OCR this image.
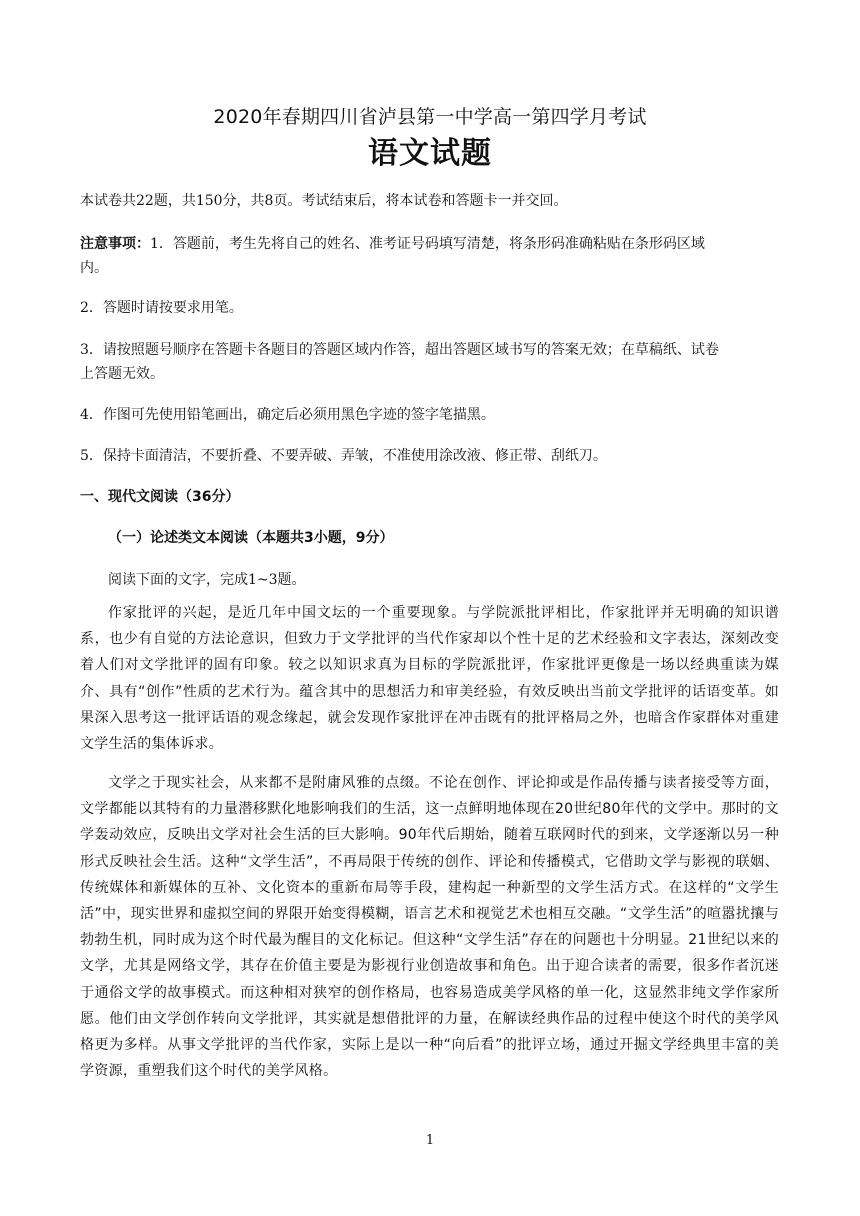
2020年春期四川省泸县第一中学高一第四学月考试
语文试题
本试卷共22题，共150分，共8页。考试结束后，将本试卷和答题卡一并交回。
注意事项：1．答题前，考生先将自己的姓名、准考证号码填写清楚，将条形码准确粘贴在条形码区域
内。
2．答题时请按要求用笔。
3．请按照题号顺序在答题卡各题目的答题区域内作答，超出答题区域书写的答案无效；在草稿纸、试卷
上答题无效。
4．作图可先使用铅笔画出，确定后必须用黑色字迹的签字笔描黑。
5．保持卡面清洁，不要折叠、不要弄破、弄皱，不准使用涂改液、修正带、刮纸刀。
一、现代文阅读（36分）
（一）论述类文本阅读（本题共3小题，9分）
阅读下面的文字，完成1~3题。
作家批评的兴起，是近几年中国文坛的一个重要现象。与学院派批评相比，作家批评并无明确的知识谱系，也少有自觉的方法论意识，但致力于文学批评的当代作家却以个性十足的艺术经验和文字表达，深刻改变着人们对文学批评的固有印象。较之以知识求真为目标的学院派批评，作家批评更像是一场以经典重读为媒介、具有“创作”性质的艺术行为。蕴含其中的思想活力和审美经验，有效反映出当前文学批评的话语变革。如果深入思考这一批评话语的观念缘起，就会发现作家批评在冲击既有的批评格局之外，也暗含作家群体对重建文学生活的集体诉求。
文学之于现实社会，从来都不是附庸风雅的点缀。不论在创作、评论抑或是作品传播与读者接受等方面，文学都能以其特有的力量潜移默化地影响我们的生活，这一点鲜明地体现在20世纪80年代的文学中。那时的文学轰动效应，反映出文学对社会生活的巨大影响。90年代后期始，随着互联网时代的到来，文学逐渐以另一种形式反映社会生活。这种“文学生活”，不再局限于传统的创作、评论和传播模式，它借助文学与影视的联姻、传统媒体和新媒体的互补、文化资本的重新布局等手段，建构起一种新型的文学生活方式。在这样的“文学生活”中，现实世界和虚拟空间的界限开始变得模糊，语言艺术和视觉艺术也相互交融。“文学生活”的喧嚣扰攘与勃勃生机，同时成为这个时代最为醒目的文化标记。但这种“文学生活”存在的问题也十分明显。21世纪以来的文学，尤其是网络文学，其存在价值主要是为影视行业创造故事和角色。出于迎合读者的需要，很多作者沉迷于通俗文学的故事模式。而这种相对狭窄的创作格局，也容易造成美学风格的单一化，这显然非纯文学作家所愿。他们由文学创作转向文学批评，其实就是想借批评的力量，在解读经典作品的过程中使这个时代的美学风格更为多样。从事文学批评的当代作家，实际上是以一种“向后看”的批评立场，通过开掘文学经典里丰富的美学资源，重塑我们这个时代的美学风格。
1
